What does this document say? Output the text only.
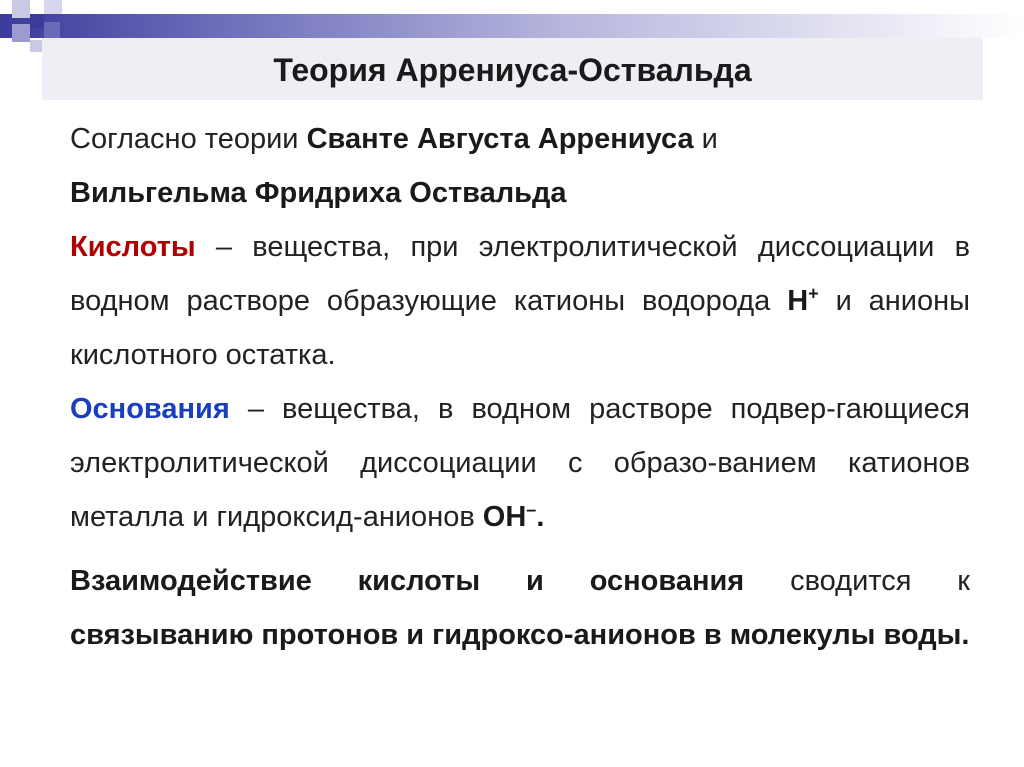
Теория Аррениуса-Оствальда

Согласно теории Сванте Августа Аррениуса и
Вильгельма Фридриха Оствальда

Кислоты – вещества, при электролитической диссоциации в водном растворе образующие катионы водорода Н+ и анионы кислотного остатка.

Основания – вещества, в водном растворе подвер-гающиеся электролитической диссоциации с образо-ванием катионов металла и гидроксид-анионов ОН–.

Взаимодействие кислоты и основания сводится к связыванию протонов и гидроксо-анионов в молекулы воды.
